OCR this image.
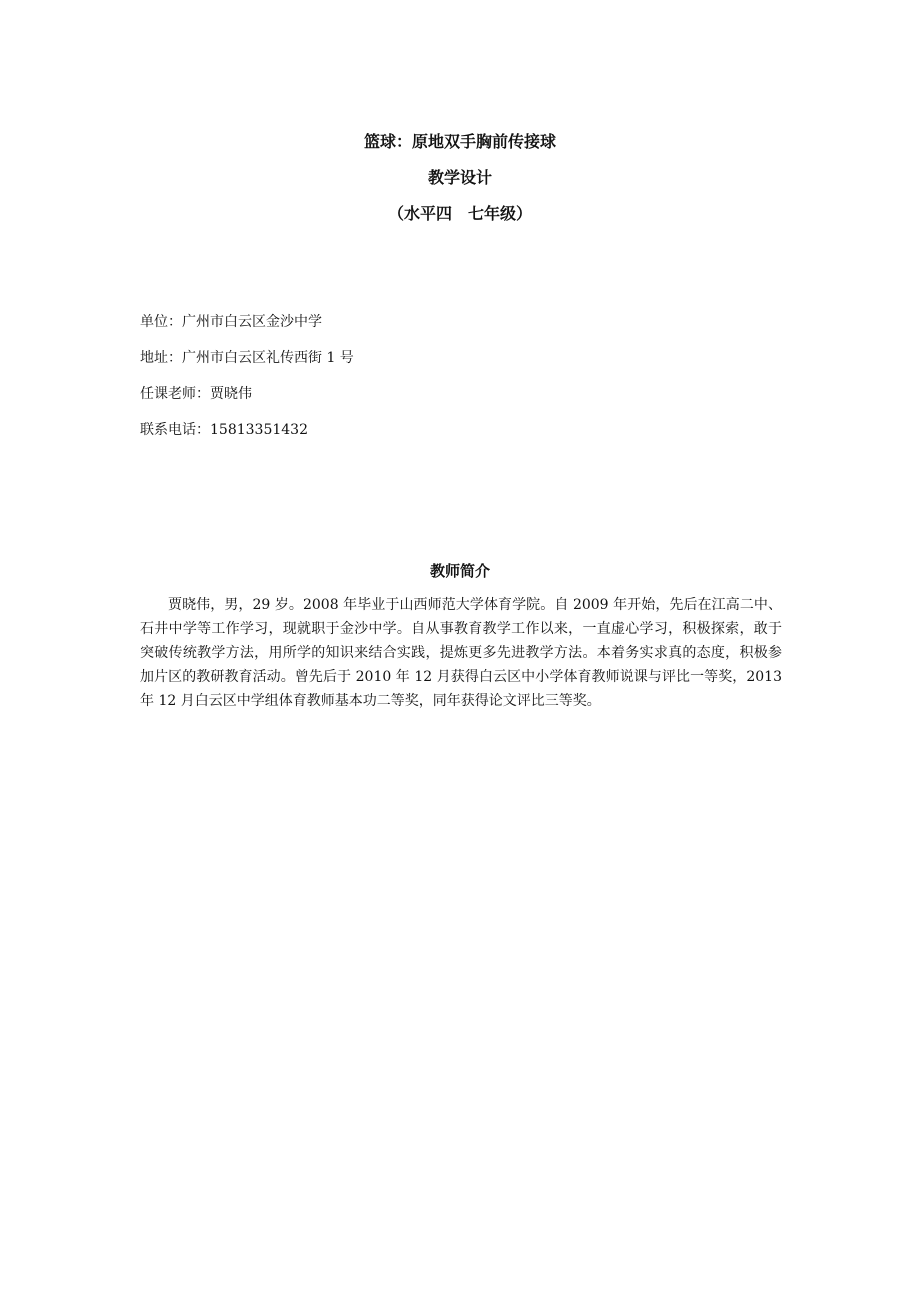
篮球：原地双手胸前传接球
教学设计
（水平四　七年级）
单位：广州市白云区金沙中学
地址：广州市白云区礼传西街 1 号
任课老师：贾晓伟
联系电话：15813351432
教师简介
贾晓伟，男，29 岁。2008 年毕业于山西师范大学体育学院。自 2009 年开始，先后在江高二中、石井中学等工作学习，现就职于金沙中学。自从事教育教学工作以来，一直虚心学习，积极探索，敢于突破传统教学方法，用所学的知识来结合实践，提炼更多先进教学方法。本着务实求真的态度，积极参加片区的教研教育活动。曾先后于 2010 年 12 月获得白云区中小学体育教师说课与评比一等奖，2013 年 12 月白云区中学组体育教师基本功二等奖，同年获得论文评比三等奖。
